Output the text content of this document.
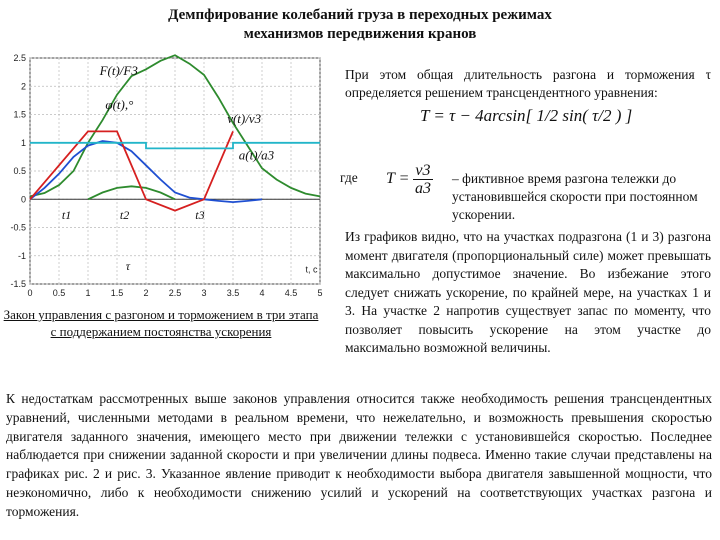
Демпфирование колебаний груза в переходных режимах
механизмов передвижения кранов
0 0.5 1 1.5 2 2.5 3 3.5 4 4.5 5
2.5
2
1.5
1
0.5
0
-0.5
-1
-1.5
F(t)/F3
φ(t),°
v(t)/v3
a(t)/a3
t1	t2	t3
τ	t, c
Закон управления с разгоном и торможением в три этапа с поддержанием постоянства ускорения

При этом общая длительность разгона и торможения τ определяется решением трансцендентного уравнения:

T = τ − 4arcsin[ 1/2 sin( τ/2 ) ]
где $T = \frac{v3}{a3}$ – фиктивное время разгона тележки до установившейся скорости при постоянном ускорении.
Из графиков видно, что на участках подразгона (1 и 3) разгона момент двигателя (пропорциональный силе) может превышать максимально допустимое значение. Во избежание этого следует снижать ускорение, по крайней мере, на участках 1 и 3. На участке 2 напротив существует запас по моменту, что позволяет повысить ускорение на этом участке до максимально возможной величины.
К недостаткам рассмотренных выше законов управления относится также необходимость решения трансцендентных уравнений, численными методами в реальном времени, что нежелательно, и возможность превышения скоростью двигателя заданного значения, имеющего место при движении тележки с установившейся скоростью. Последнее наблюдается при снижении заданной скорости и при увеличении длины подвеса. Именно такие случаи представлены на графиках рис. 2 и рис. 3. Указанное явление приводит к необходимости выбора двигателя завышенной мощности, что неэкономично, либо к необходимости снижению усилий и ускорений на соответствующих участках разгона и торможения.
